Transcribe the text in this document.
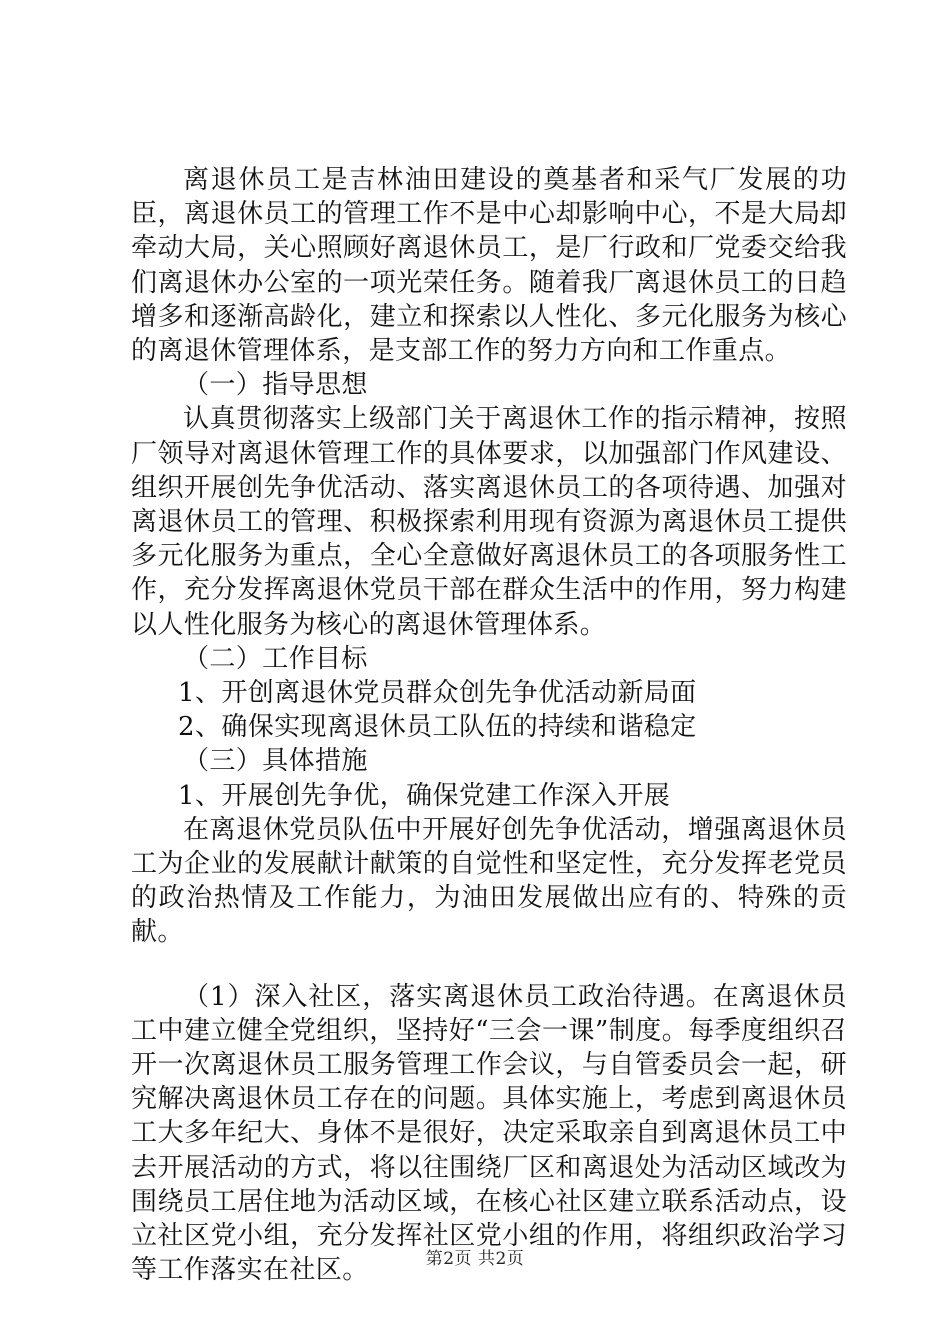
离退休员工是吉林油田建设的奠基者和采气厂发展的功臣，离退休员工的管理工作不是中心却影响中心，不是大局却牵动大局，关心照顾好离退休员工，是厂行政和厂党委交给我们离退休办公室的一项光荣任务。随着我厂离退休员工的日趋增多和逐渐高龄化，建立和探索以人性化、多元化服务为核心的离退休管理体系，是支部工作的努力方向和工作重点。

（一）指导思想

认真贯彻落实上级部门关于离退休工作的指示精神，按照厂领导对离退休管理工作的具体要求，以加强部门作风建设、组织开展创先争优活动、落实离退休员工的各项待遇、加强对离退休员工的管理、积极探索利用现有资源为离退休员工提供多元化服务为重点，全心全意做好离退休员工的各项服务性工作，充分发挥离退休党员干部在群众生活中的作用，努力构建以人性化服务为核心的离退休管理体系。

（二）工作目标

1、开创离退休党员群众创先争优活动新局面

2、确保实现离退休员工队伍的持续和谐稳定

（三）具体措施

1、开展创先争优，确保党建工作深入开展

在离退休党员队伍中开展好创先争优活动，增强离退休员工为企业的发展献计献策的自觉性和坚定性，充分发挥老党员的政治热情及工作能力，为油田发展做出应有的、特殊的贡献。

（1）深入社区，落实离退休员工政治待遇。在离退休员工中建立健全党组织，坚持好“三会一课”制度。每季度组织召开一次离退休员工服务管理工作会议，与自管委员会一起，研究解决离退休员工存在的问题。具体实施上，考虑到离退休员工大多年纪大、身体不是很好，决定采取亲自到离退休员工中去开展活动的方式，将以往围绕厂区和离退处为活动区域改为围绕员工居住地为活动区域，在核心社区建立联系活动点，设立社区党小组，充分发挥社区党小组的作用，将组织政治学习等工作落实在社区。	第2页 共2页
